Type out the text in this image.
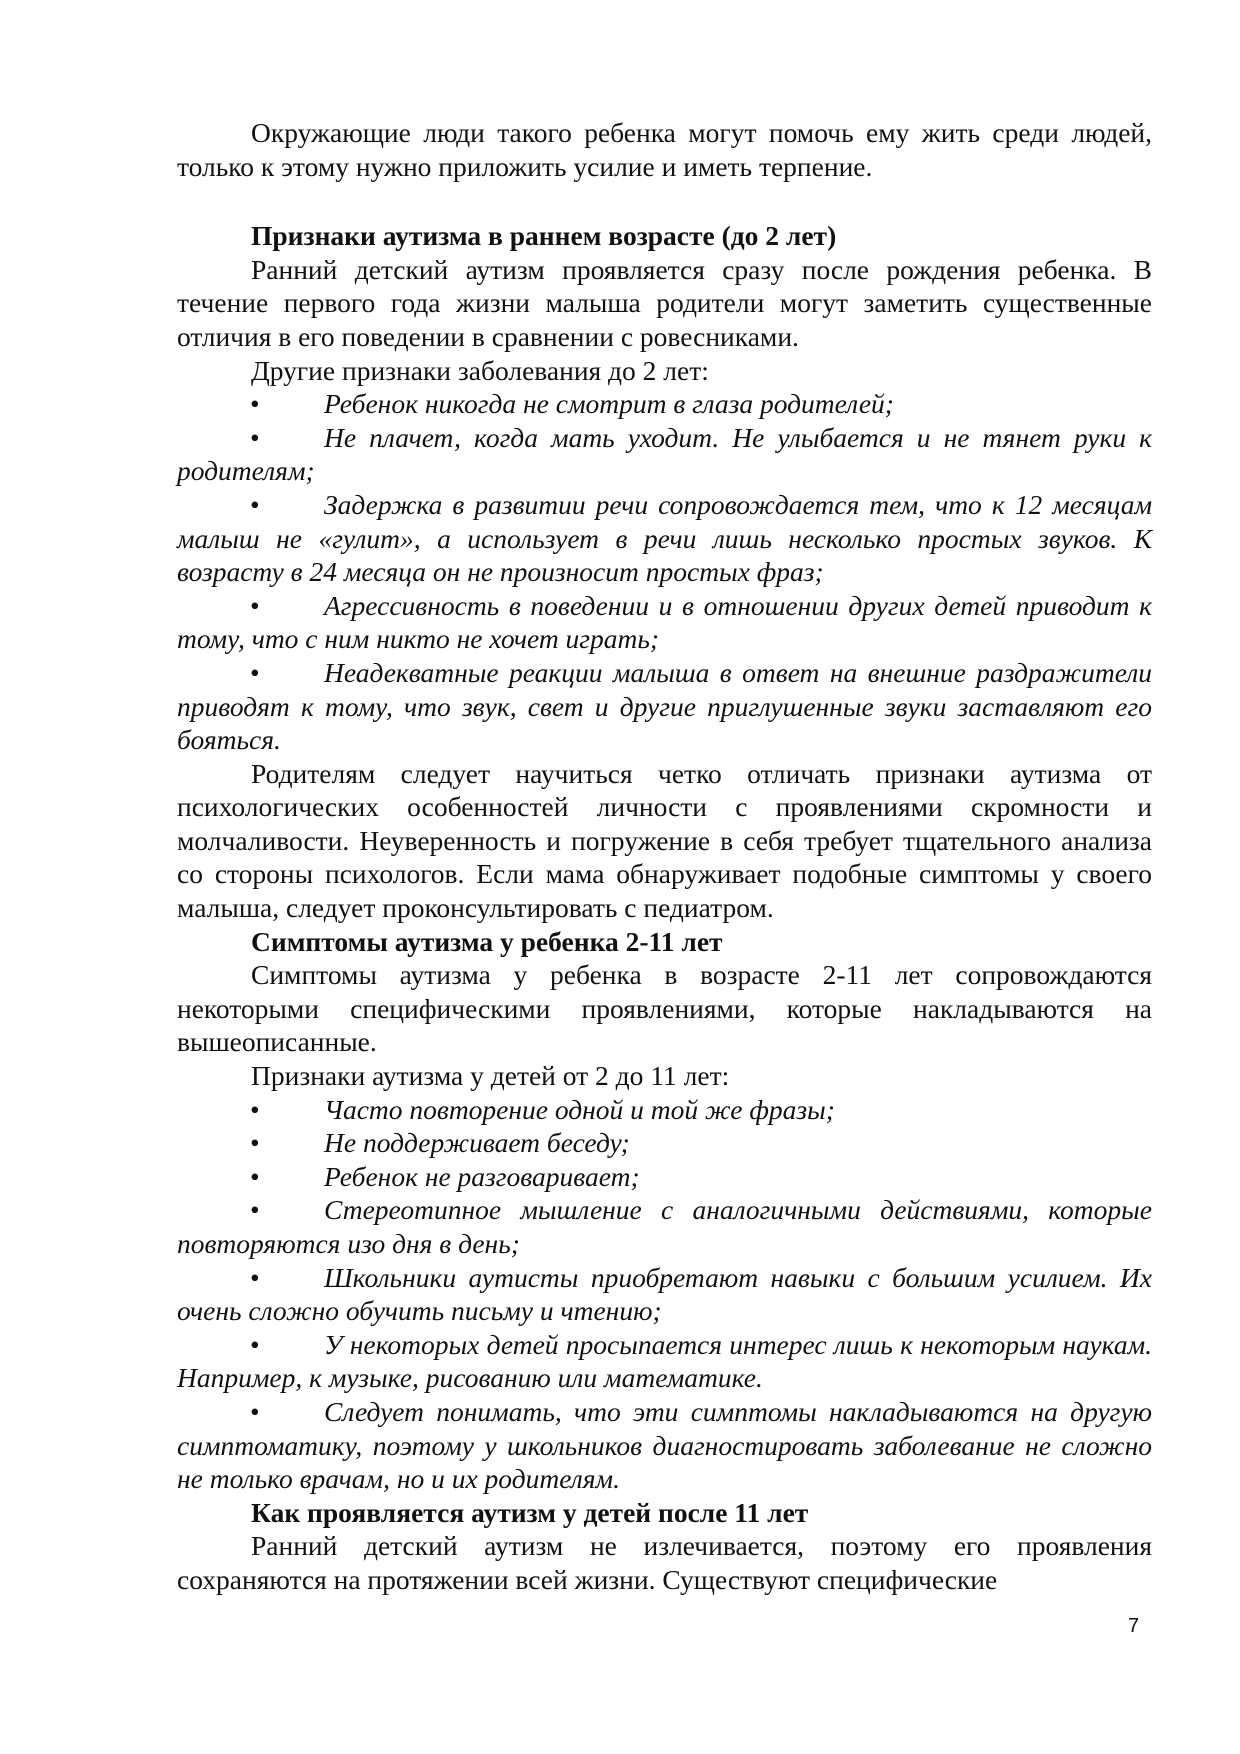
Окружающие люди такого ребенка могут помочь ему жить среди людей, только к этому нужно приложить усилие и иметь терпение.

Признаки аутизма в раннем возрасте (до 2 лет)

Ранний детский аутизм проявляется сразу после рождения ребенка. В течение первого года жизни малыша родители могут заметить существенные отличия в его поведении в сравнении с ровесниками.

Другие признаки заболевания до 2 лет:

• Ребенок никогда не смотрит в глаза родителей;

• Не плачет, когда мать уходит. Не улыбается и не тянет руки к родителям;

• Задержка в развитии речи сопровождается тем, что к 12 месяцам малыш не «гулит», а использует в речи лишь несколько простых звуков. К возрасту в 24 месяца он не произносит простых фраз;

• Агрессивность в поведении и в отношении других детей приводит к тому, что с ним никто не хочет играть;

• Неадекватные реакции малыша в ответ на внешние раздражители приводят к тому, что звук, свет и другие приглушенные звуки заставляют его бояться.

Родителям следует научиться четко отличать признаки аутизма от психологических особенностей личности с проявлениями скромности и молчаливости. Неуверенность и погружение в себя требует тщательного анализа со стороны психологов. Если мама обнаруживает подобные симптомы у своего малыша, следует проконсультировать с педиатром.

Симптомы аутизма у ребенка 2-11 лет

Симптомы аутизма у ребенка в возрасте 2-11 лет сопровождаются некоторыми специфическими проявлениями, которые накладываются на вышеописанные.

Признаки аутизма у детей от 2 до 11 лет:

• Часто повторение одной и той же фразы;

• Не поддерживает беседу;

• Ребенок не разговаривает;

• Стереотипное мышление с аналогичными действиями, которые повторяются изо дня в день;

• Школьники аутисты приобретают навыки с большим усилием. Их очень сложно обучить письму и чтению;

• У некоторых детей просыпается интерес лишь к некоторым наукам. Например, к музыке, рисованию или математике.

• Следует понимать, что эти симптомы накладываются на другую симптоматику, поэтому у школьников диагностировать заболевание не сложно не только врачам, но и их родителям.

Как проявляется аутизм у детей после 11 лет

Ранний детский аутизм не излечивается, поэтому его проявления сохраняются на протяжении всей жизни. Существуют специфические

7
